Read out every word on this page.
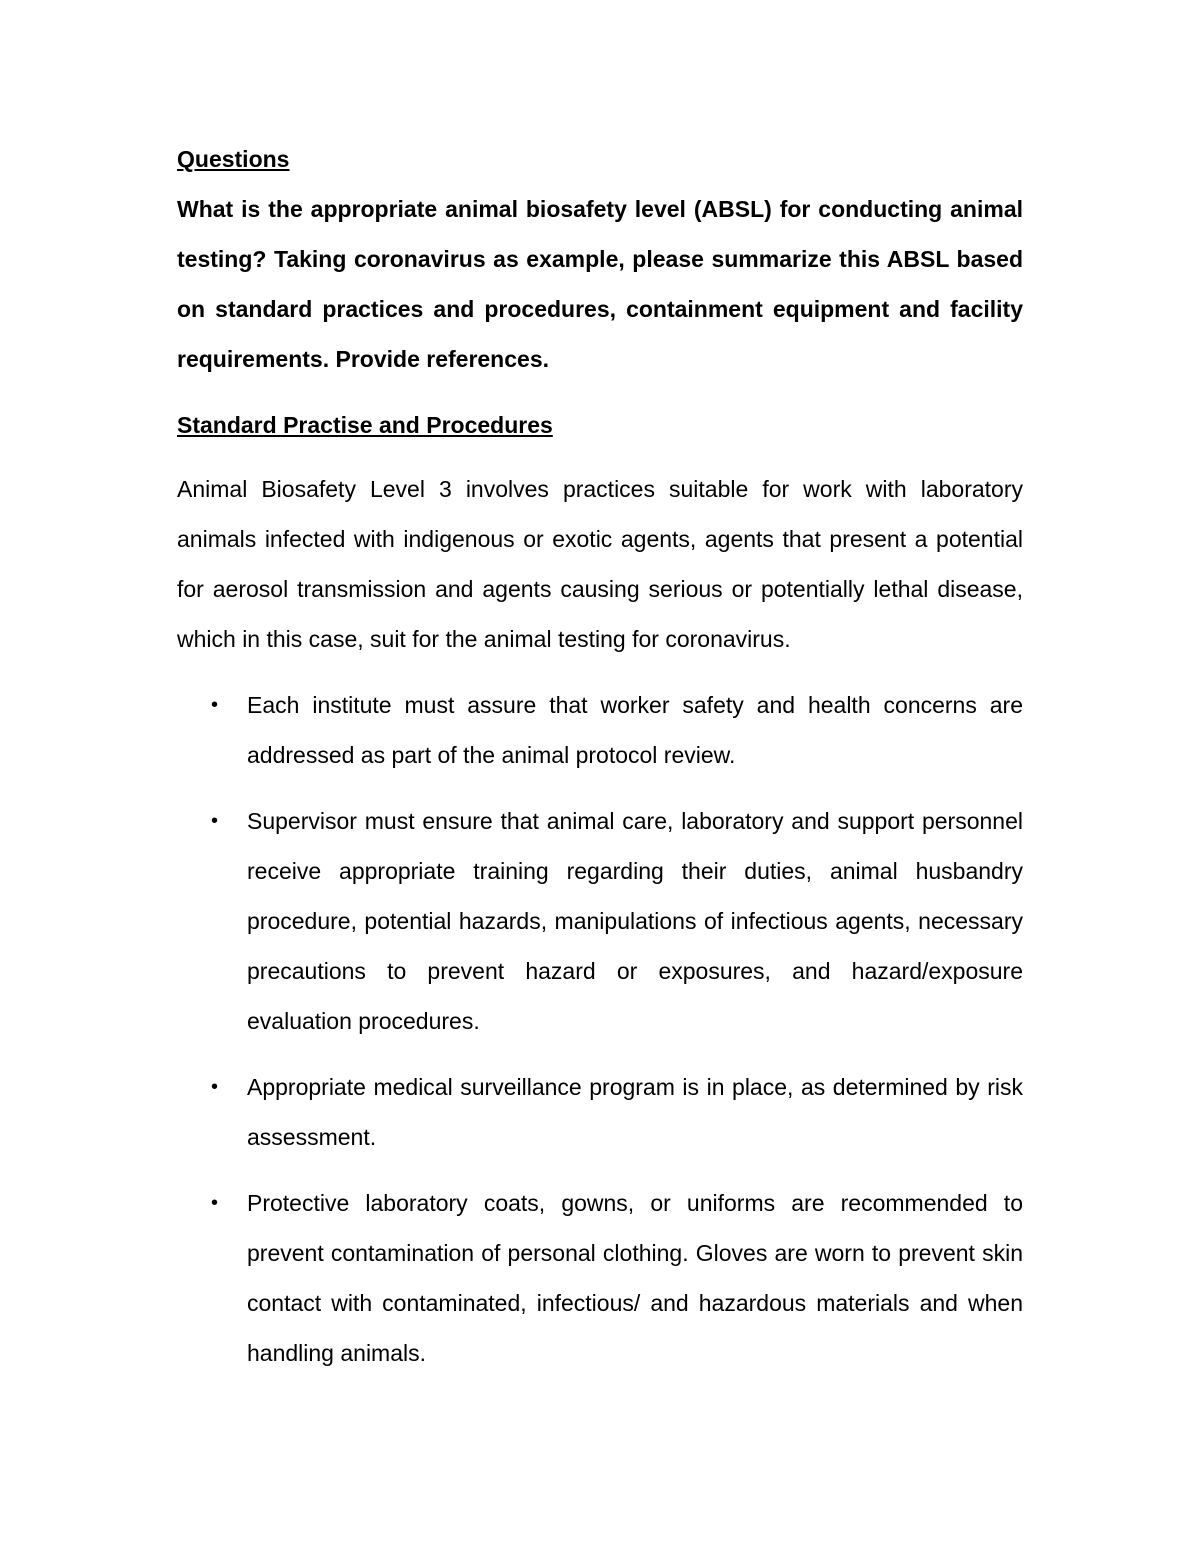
Questions

What is the appropriate animal biosafety level (ABSL) for conducting animal testing? Taking coronavirus as example, please summarize this ABSL based on standard practices and procedures, containment equipment and facility requirements. Provide references.

Standard Practise and Procedures

Animal Biosafety Level 3 involves practices suitable for work with laboratory animals infected with indigenous or exotic agents, agents that present a potential for aerosol transmission and agents causing serious or potentially lethal disease, which in this case, suit for the animal testing for coronavirus.

• Each institute must assure that worker safety and health concerns are addressed as part of the animal protocol review.
• Supervisor must ensure that animal care, laboratory and support personnel receive appropriate training regarding their duties, animal husbandry procedure, potential hazards, manipulations of infectious agents, necessary precautions to prevent hazard or exposures, and hazard/exposure evaluation procedures.
• Appropriate medical surveillance program is in place, as determined by risk assessment.
• Protective laboratory coats, gowns, or uniforms are recommended to prevent contamination of personal clothing. Gloves are worn to prevent skin contact with contaminated, infectious/ and hazardous materials and when handling animals.
